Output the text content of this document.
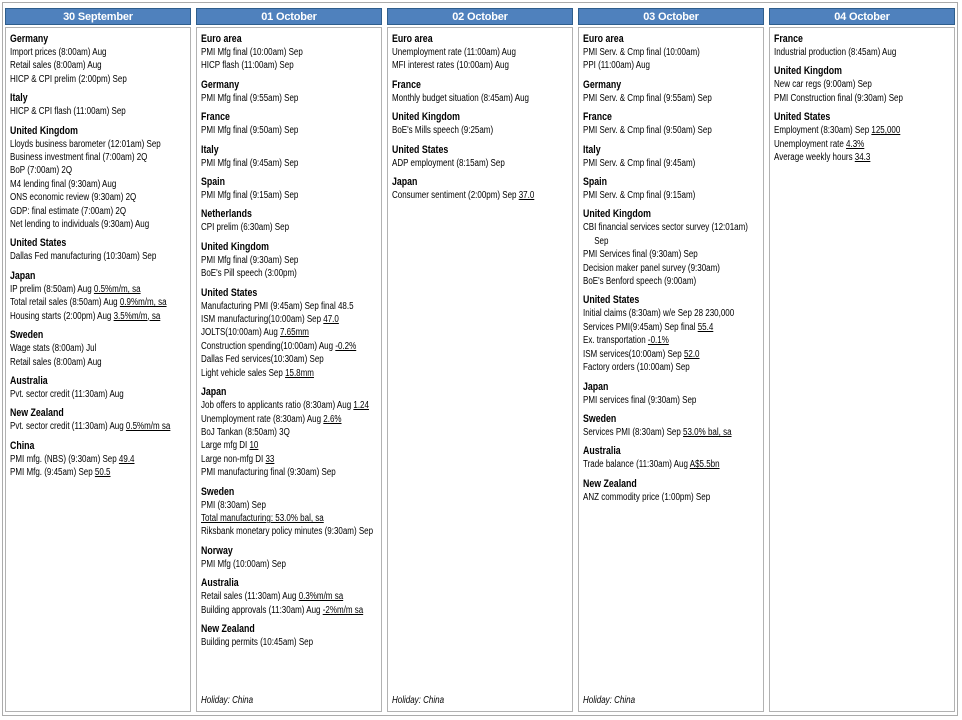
30 September
Germany
Import prices (8:00am) Aug
Retail sales (8:00am) Aug
HICP & CPI prelim (2:00pm) Sep
Italy
HICP & CPI flash (11:00am) Sep
United Kingdom
Lloyds business barometer (12:01am) Sep
Business investment final (7:00am) 2Q
BoP (7:00am) 2Q
M4 lending final (9:30am) Aug
ONS economic review (9:30am) 2Q
GDP: final estimate (7:00am) 2Q
Net lending to individuals (9:30am) Aug
United States
Dallas Fed manufacturing (10:30am) Sep
Japan
IP prelim (8:50am) Aug 0.5%m/m, sa
Total retail sales (8:50am) Aug 0.9%m/m, sa
Housing starts (2:00pm) Aug 3.5%m/m, sa
Sweden
Wage stats (8:00am) Jul
Retail sales (8:00am) Aug
Australia
Pvt. sector credit (11:30am) Aug
New Zealand
Pvt. sector credit (11:30am) Aug 0.5%m/m sa
China
PMI mfg. (NBS) (9:30am) Sep 49.4
PMI Mfg. (9:45am) Sep 50.5
01 October
Euro area
PMI Mfg final (10:00am) Sep
HICP flash (11:00am) Sep
Germany
PMI Mfg final (9:55am) Sep
France
PMI Mfg final (9:50am) Sep
Italy
PMI Mfg final (9:45am) Sep
Spain
PMI Mfg final (9:15am) Sep
Netherlands
CPI prelim (6:30am) Sep
United Kingdom
PMI Mfg final (9:30am) Sep
BoE's Pill speech (3:00pm)
United States
Manufacturing PMI (9:45am) Sep final 48.5
ISM manufacturing(10:00am) Sep 47.0
JOLTS(10:00am) Aug 7.65mm
Construction spending(10:00am) Aug -0.2%
Dallas Fed services(10:30am) Sep
Light vehicle sales Sep 15.8mm
Japan
Job offers to applicants ratio (8:30am) Aug 1.24
Unemployment rate (8:30am) Aug 2.6%
BoJ Tankan (8:50am) 3Q
Large mfg DI 10
Large non-mfg DI 33
PMI manufacturing final (9:30am) Sep
Sweden
PMI (8:30am) Sep
Total manufacturing: 53.0% bal, sa
Riksbank monetary policy minutes (9:30am) Sep
Norway
PMI Mfg (10:00am) Sep
Australia
Retail sales (11:30am) Aug 0.3%m/m sa
Building approvals (11:30am) Aug -2%m/m sa
New Zealand
Building permits (10:45am) Sep
Holiday: China
02 October
Euro area
Unemployment rate (11:00am) Aug
MFI interest rates (10:00am) Aug
France
Monthly budget situation (8:45am) Aug
United Kingdom
BoE's Mills speech (9:25am)
United States
ADP employment (8:15am) Sep
Japan
Consumer sentiment (2:00pm) Sep 37.0
Holiday: China
03 October
Euro area
PMI Serv. & Cmp final (10:00am)
PPI (11:00am) Aug
Germany
PMI Serv. & Cmp final (9:55am) Sep
France
PMI Serv. & Cmp final (9:50am) Sep
Italy
PMI Serv. & Cmp final (9:45am)
Spain
PMI Serv. & Cmp final (9:15am)
United Kingdom
CBI financial services sector survey (12:01am) Sep
PMI Services final (9:30am) Sep
Decision maker panel survey (9:30am)
BoE's Benford speech (9:00am)
United States
Initial claims (8:30am) w/e Sep 28 230,000
Services PMI(9:45am) Sep final 55.4
Ex. transportation -0.1%
ISM services(10:00am) Sep 52.0
Factory orders (10:00am) Sep
Japan
PMI services final (9:30am) Sep
Sweden
Services PMI (8:30am) Sep 53.0% bal, sa
Australia
Trade balance (11:30am) Aug A$5.5bn
New Zealand
ANZ commodity price (1:00pm) Sep
Holiday: China
04 October
France
Industrial production (8:45am) Aug
United Kingdom
New car regs (9:00am) Sep
PMI Construction final (9:30am) Sep
United States
Employment (8:30am) Sep 125,000
Unemployment rate 4.3%
Average weekly hours 34.3
